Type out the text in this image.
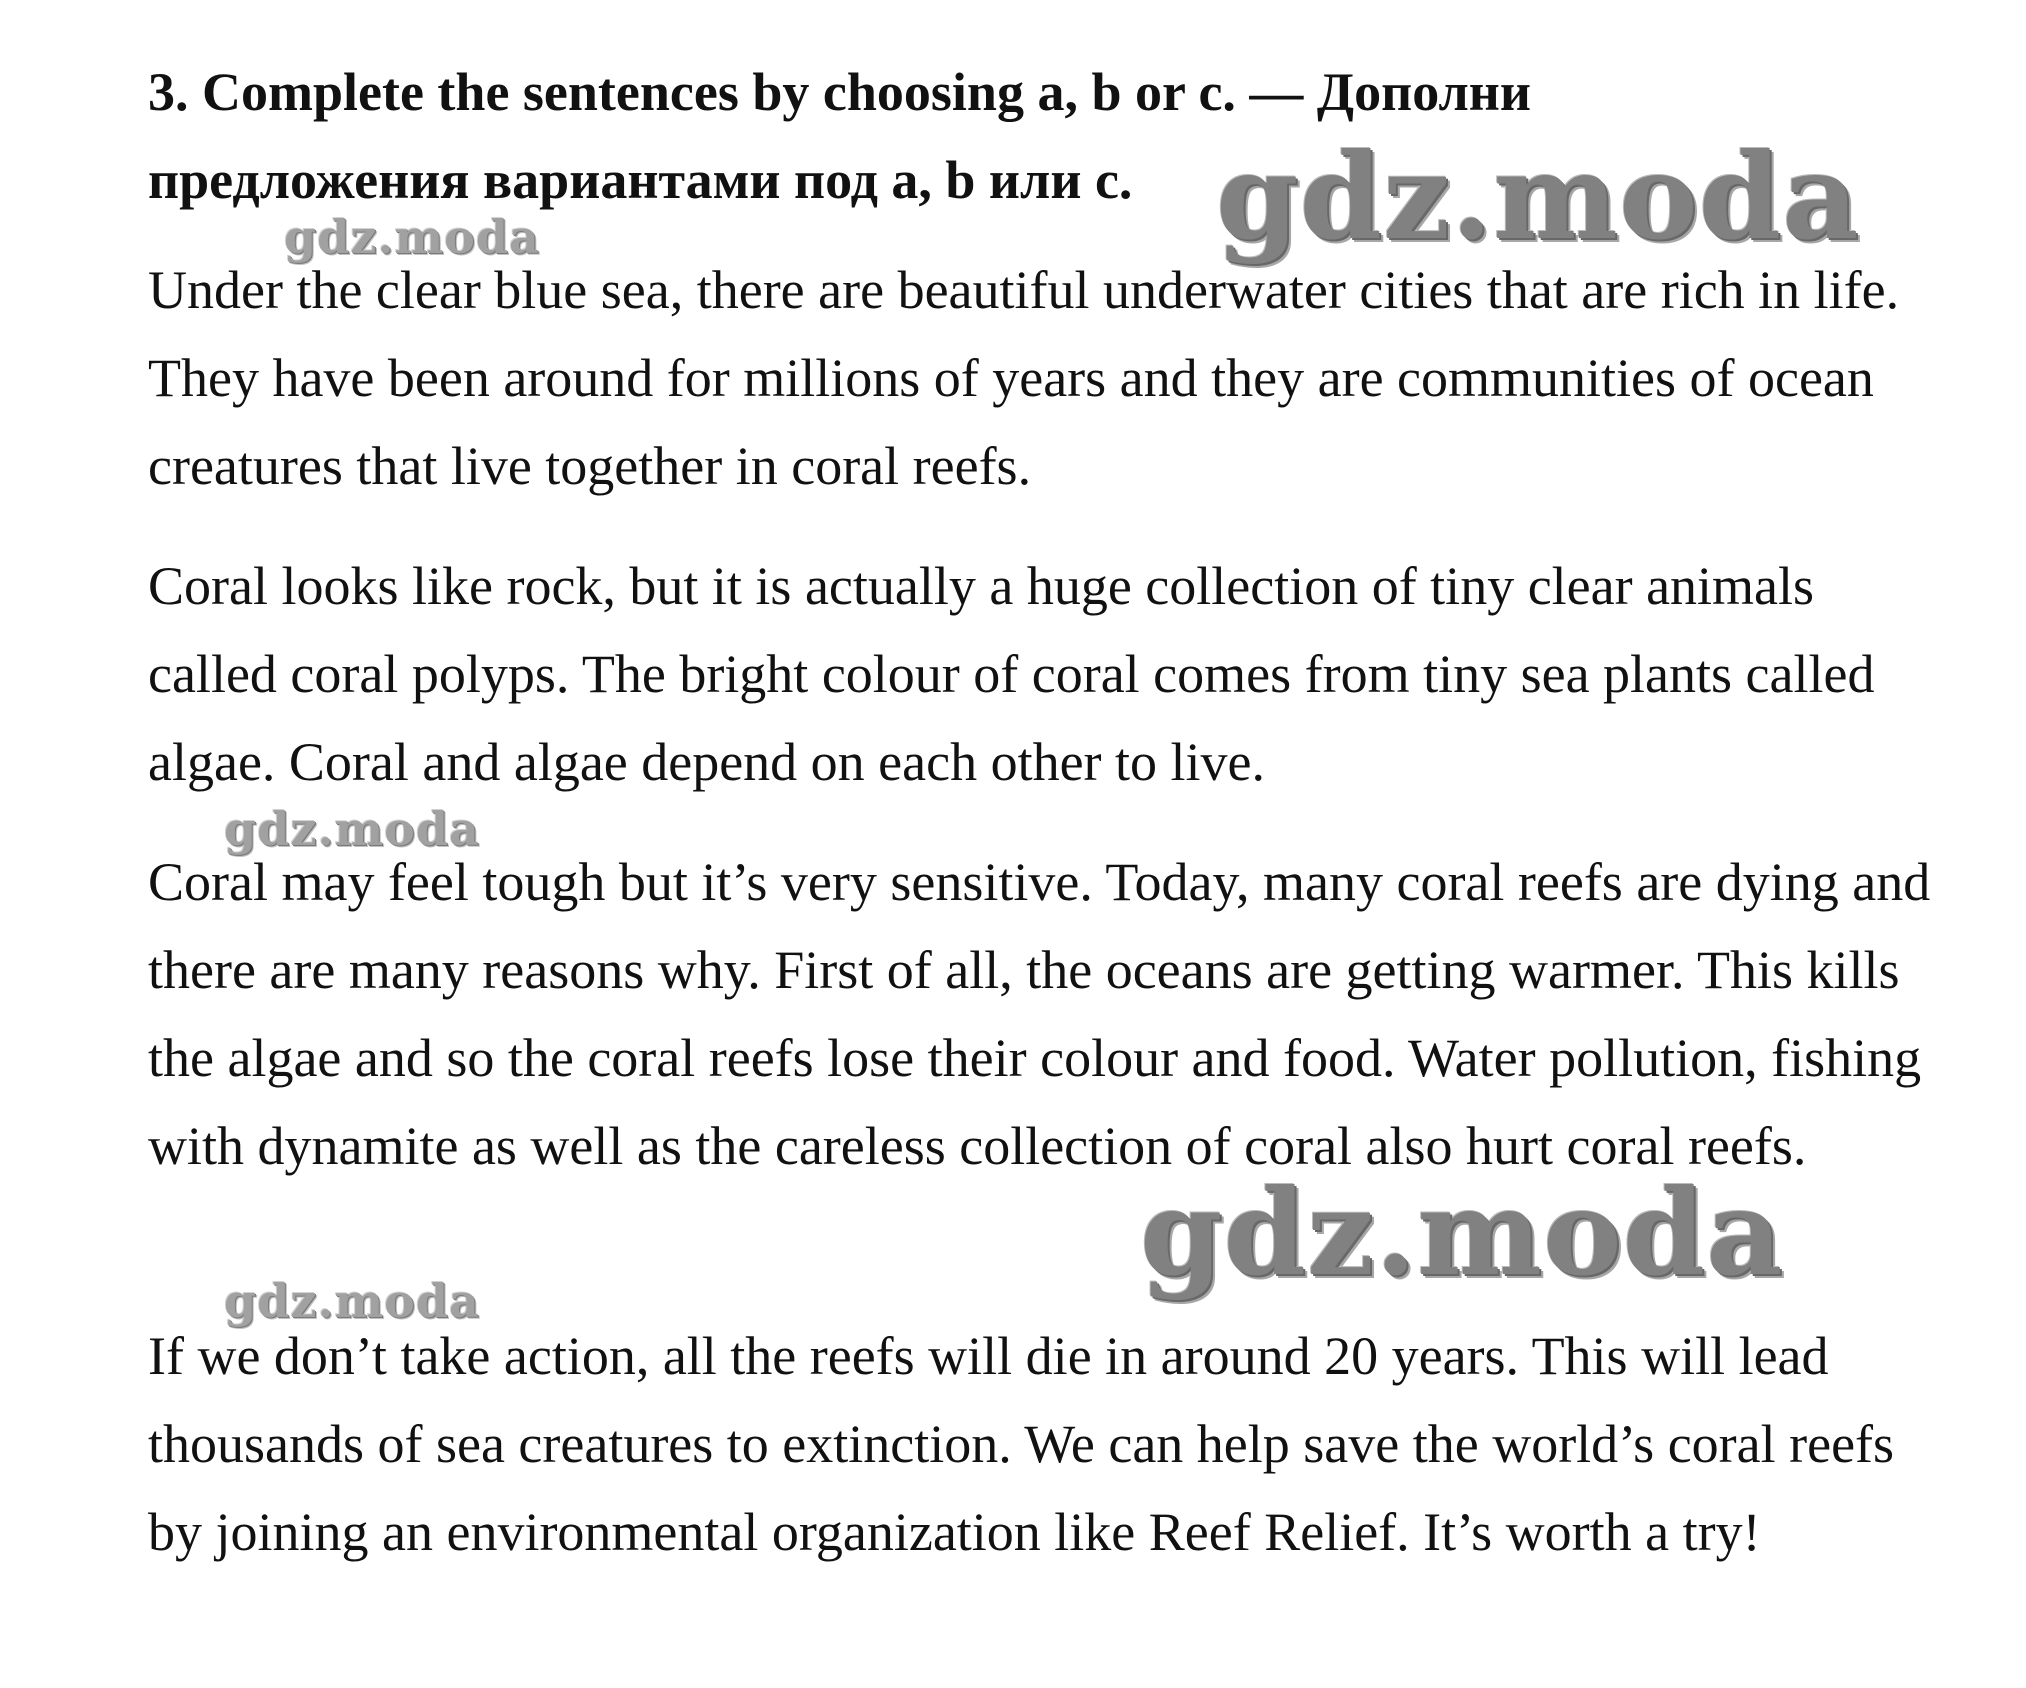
3. Complete the sentences by choosing a, b or c. — Дополни предложения вариантами под a, b или c.

Under the clear blue sea, there are beautiful underwater cities that are rich in life. They have been around for millions of years and they are communities of ocean creatures that live together in coral reefs.

Coral looks like rock, but it is actually a huge collection of tiny clear animals called coral polyps. The bright colour of coral comes from tiny sea plants called algae. Coral and algae depend on each other to live.

Coral may feel tough but it’s very sensitive. Today, many coral reefs are dying and there are many reasons why. First of all, the oceans are getting warmer. This kills the algae and so the coral reefs lose their colour and food. Water pollution, fishing with dynamite as well as the careless collection of coral also hurt coral reefs.

If we don’t take action, all the reefs will die in around 20 years. This will lead thousands of sea creatures to extinction. We can help save the world’s coral reefs by joining an environmental organization like Reef Relief. It’s worth a try!

gdz.moda
gdz.moda
gdz.moda
gdz.moda
gdz.moda
